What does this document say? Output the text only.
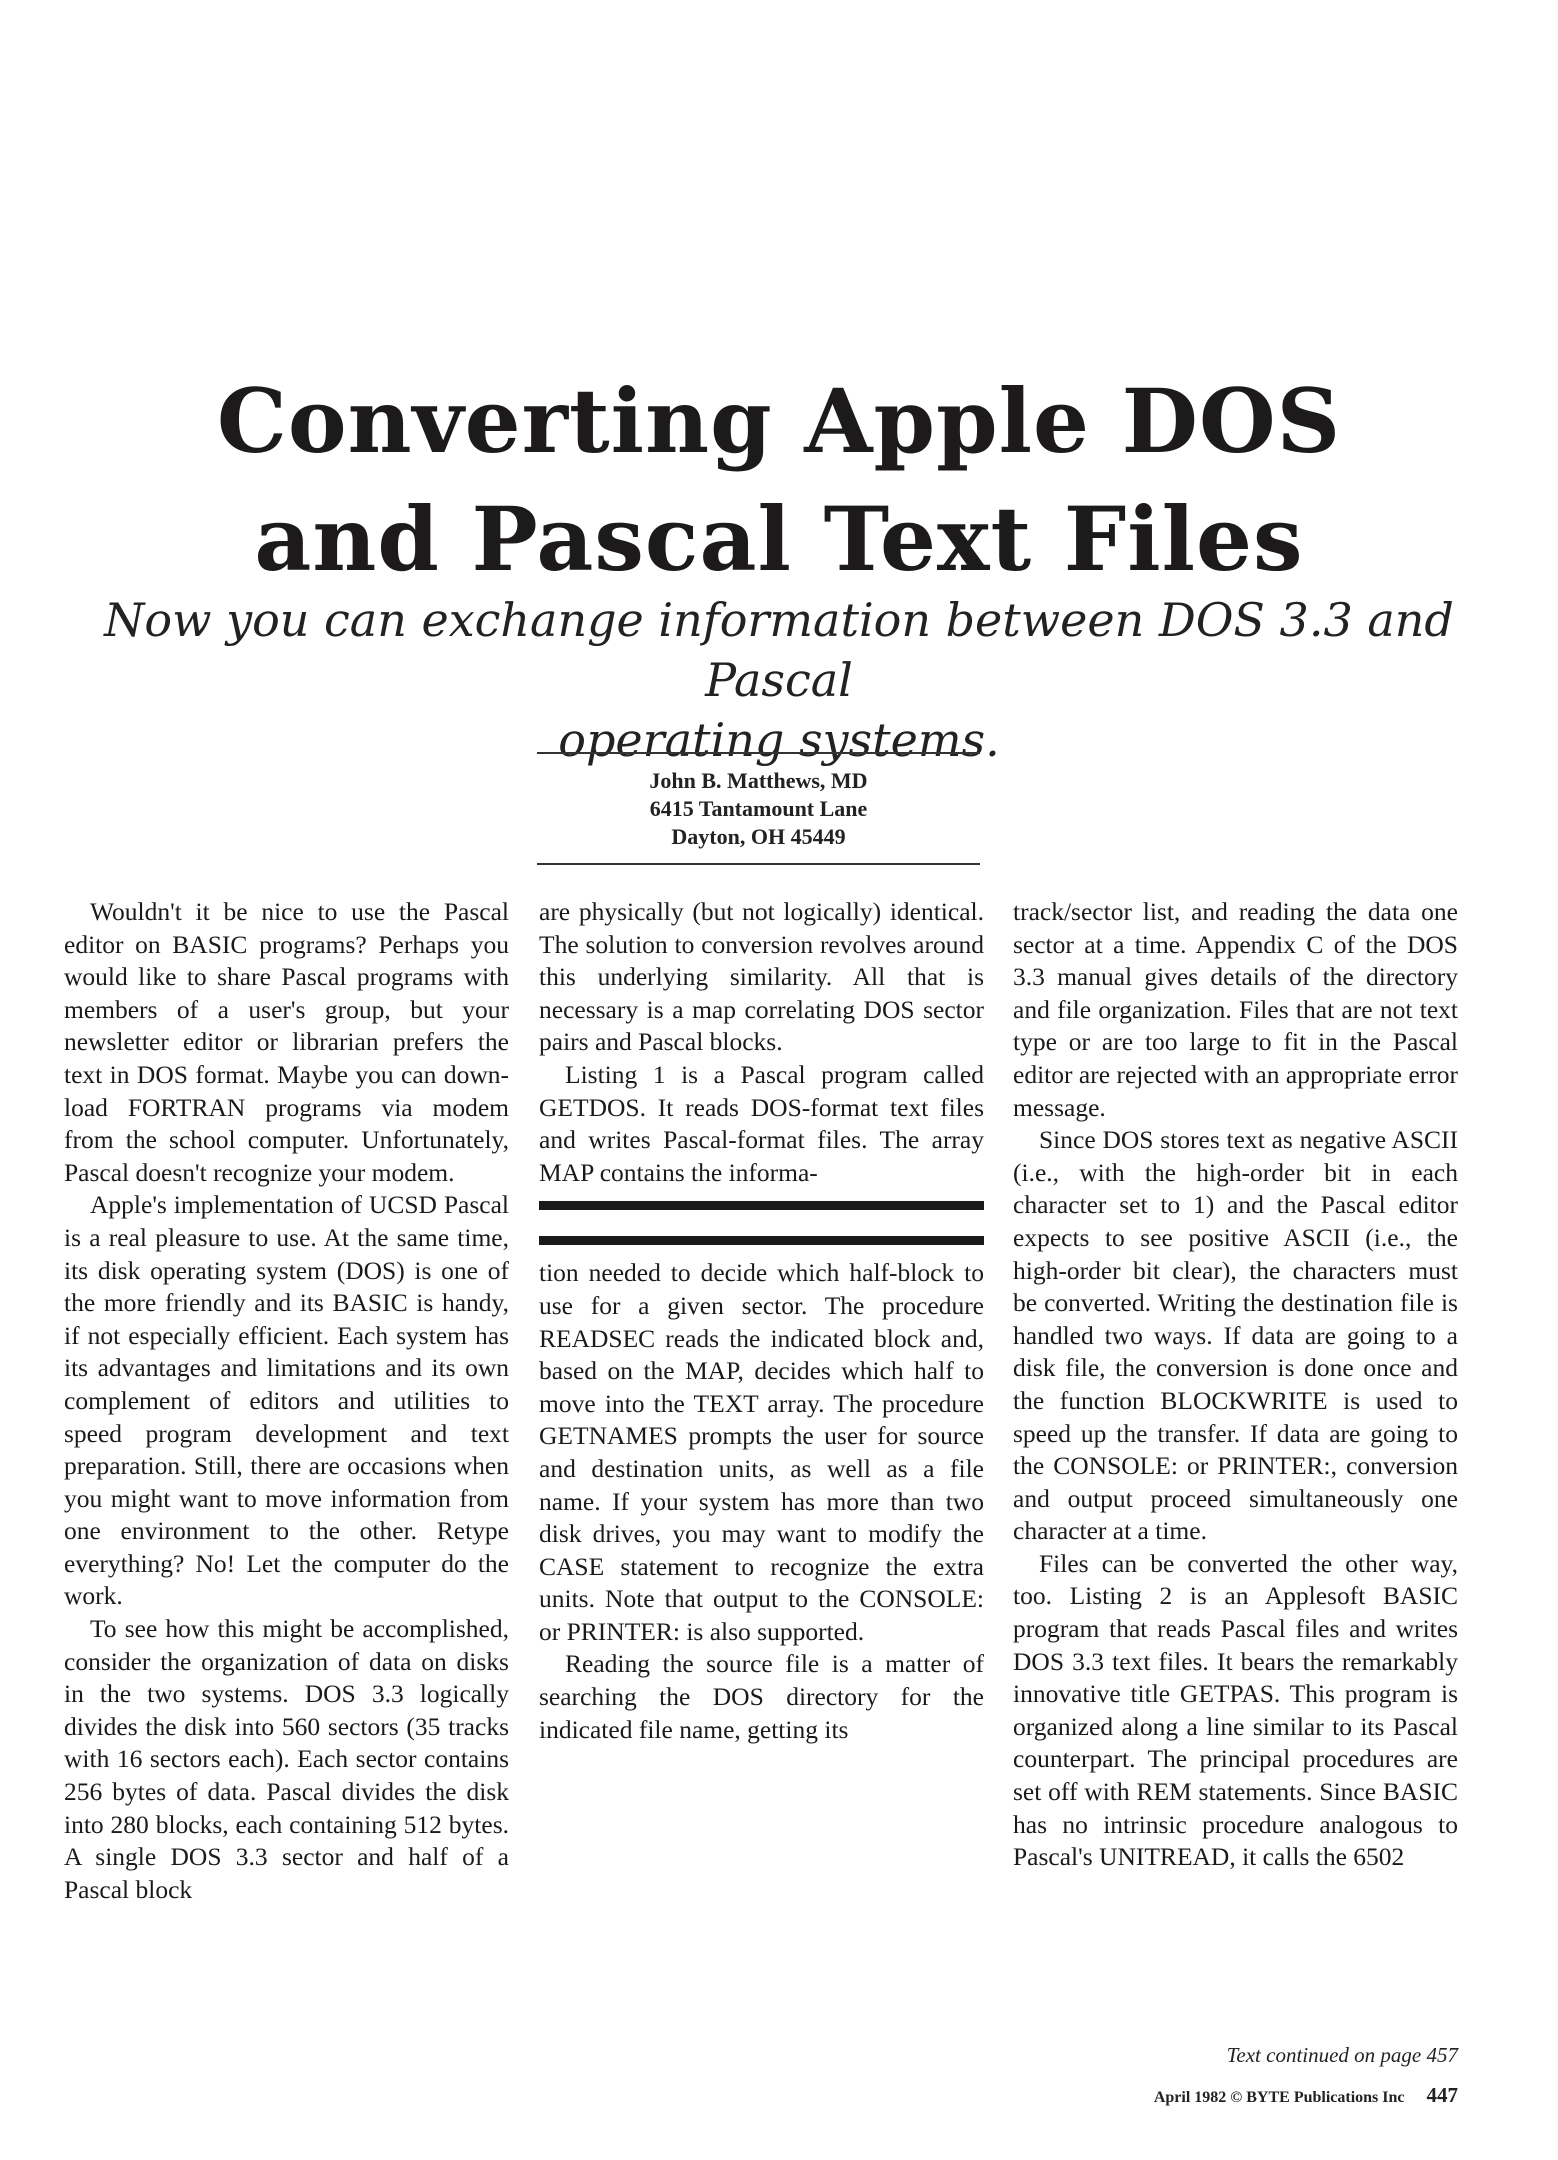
Converting Apple DOS
and Pascal Text Files

Now you can exchange information between DOS 3.3 and Pascal
operating systems.

John B. Matthews, MD
6415 Tantamount Lane
Dayton, OH 45449

Wouldn't it be nice to use the Pascal editor on BASIC programs? Perhaps you would like to share Pascal programs with members of a user's group, but your newsletter editor or librarian prefers the text in DOS format. Maybe you can download FORTRAN programs via modem from the school computer. Unfortunately, Pascal doesn't recognize your modem.

Apple's implementation of UCSD Pascal is a real pleasure to use. At the same time, its disk operating system (DOS) is one of the more friendly and its BASIC is handy, if not especially efficient. Each system has its advantages and limitations and its own complement of editors and utilities to speed program development and text preparation. Still, there are occasions when you might want to move information from one environment to the other. Retype everything? No! Let the computer do the work.

To see how this might be accomplished, consider the organization of data on disks in the two systems. DOS 3.3 logically divides the disk into 560 sectors (35 tracks with 16 sectors each). Each sector contains 256 bytes of data. Pascal divides the disk into 280 blocks, each containing 512 bytes. A single DOS 3.3 sector and half of a Pascal block

are physically (but not logically) identical. The solution to conversion revolves around this underlying similarity. All that is necessary is a map correlating DOS sector pairs and Pascal blocks.

Listing 1 is a Pascal program called GETDOS. It reads DOS-format text files and writes Pascal-format files. The array MAP contains the informa-

tion needed to decide which half-block to use for a given sector. The procedure READSEC reads the indicated block and, based on the MAP, decides which half to move into the TEXT array. The procedure GETNAMES prompts the user for source and destination units, as well as a file name. If your system has more than two disk drives, you may want to modify the CASE statement to recognize the extra units. Note that output to the CONSOLE: or PRINTER: is also supported.

Reading the source file is a matter of searching the DOS directory for the indicated file name, getting its

track/sector list, and reading the data one sector at a time. Appendix C of the DOS 3.3 manual gives details of the directory and file organization. Files that are not text type or are too large to fit in the Pascal editor are rejected with an appropriate error message.

Since DOS stores text as negative ASCII (i.e., with the high-order bit in each character set to 1) and the Pascal editor expects to see positive ASCII (i.e., the high-order bit clear), the characters must be converted. Writing the destination file is handled two ways. If data are going to a disk file, the conversion is done once and the function BLOCKWRITE is used to speed up the transfer. If data are going to the CONSOLE: or PRINTER:, conversion and output proceed simultaneously one character at a time.

Files can be converted the other way, too. Listing 2 is an Applesoft BASIC program that reads Pascal files and writes DOS 3.3 text files. It bears the remarkably innovative title GETPAS. This program is organized along a line similar to its Pascal counterpart. The principal procedures are set off with REM statements. Since BASIC has no intrinsic procedure analogous to Pascal's UNITREAD, it calls the 6502

Text continued on page 457
April 1982 © BYTE Publications Inc 447
